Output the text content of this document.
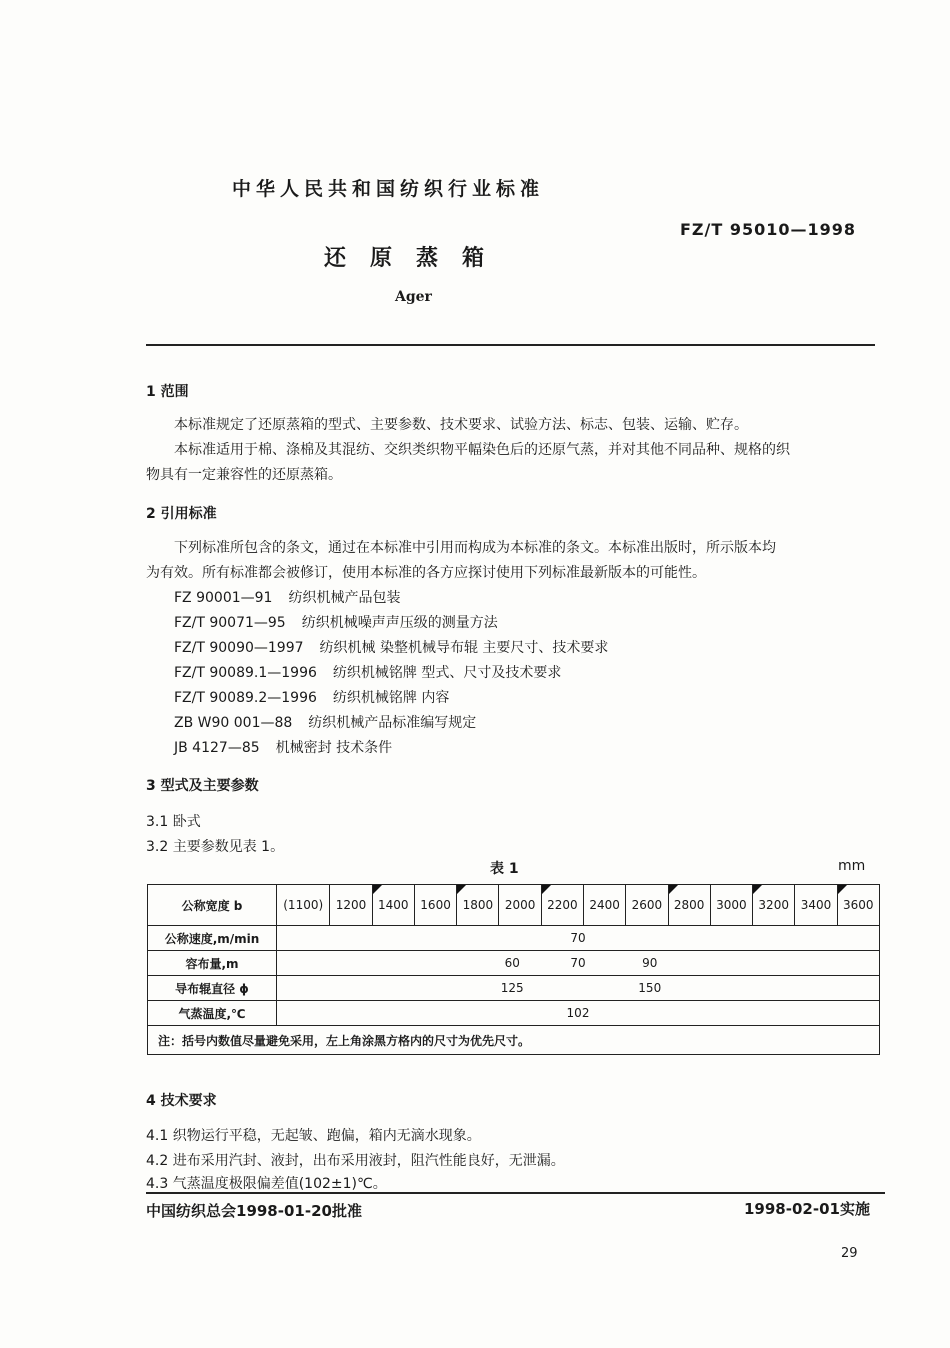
中华人民共和国纺织行业标准
FZ/T 95010—1998
还原蒸箱
Ager
1 范围
本标准规定了还原蒸箱的型式、主要参数、技术要求、试验方法、标志、包装、运输、贮存。
本标准适用于棉、涤棉及其混纺、交织类织物平幅染色后的还原气蒸，并对其他不同品种、规格的织
物具有一定兼容性的还原蒸箱。
2 引用标准
下列标准所包含的条文，通过在本标准中引用而构成为本标准的条文。本标准出版时，所示版本均
为有效。所有标准都会被修订，使用本标准的各方应探讨使用下列标准最新版本的可能性。
FZ 90001—91 纺织机械产品包装
FZ/T 90071—95 纺织机械噪声声压级的测量方法
FZ/T 90090—1997 纺织机械 染整机械导布辊 主要尺寸、技术要求
FZ/T 90089.1—1996 纺织机械铭牌 型式、尺寸及技术要求
FZ/T 90089.2—1996 纺织机械铭牌 内容
ZB W90 001—88 纺织机械产品标准编写规定
JB 4127—85 机械密封 技术条件
3 型式及主要参数
3.1 卧式
3.2 主要参数见表 1。
表 1	mm
公称宽度 b	(1100)	1200	1400	1600	1800	2000	2200	2400	2600	2800	3000	3200	3400	3600
公称速度,m/min	70													

容布量,m	60 70 90													

导布辊直径 ϕ	125 150													

气蒸温度,℃	102													

注：括号内数值尽量避免采用，左上角涂黑方格内的尺寸为优先尺寸。														
4 技术要求
4.1 织物运行平稳，无起皱、跑偏，箱内无滴水现象。
4.2 进布采用汽封、液封，出布采用液封，阻汽性能良好，无泄漏。
4.3 气蒸温度极限偏差值(102±1)℃。
中国纺织总会1998-01-20批准	1998-02-01实施
29
